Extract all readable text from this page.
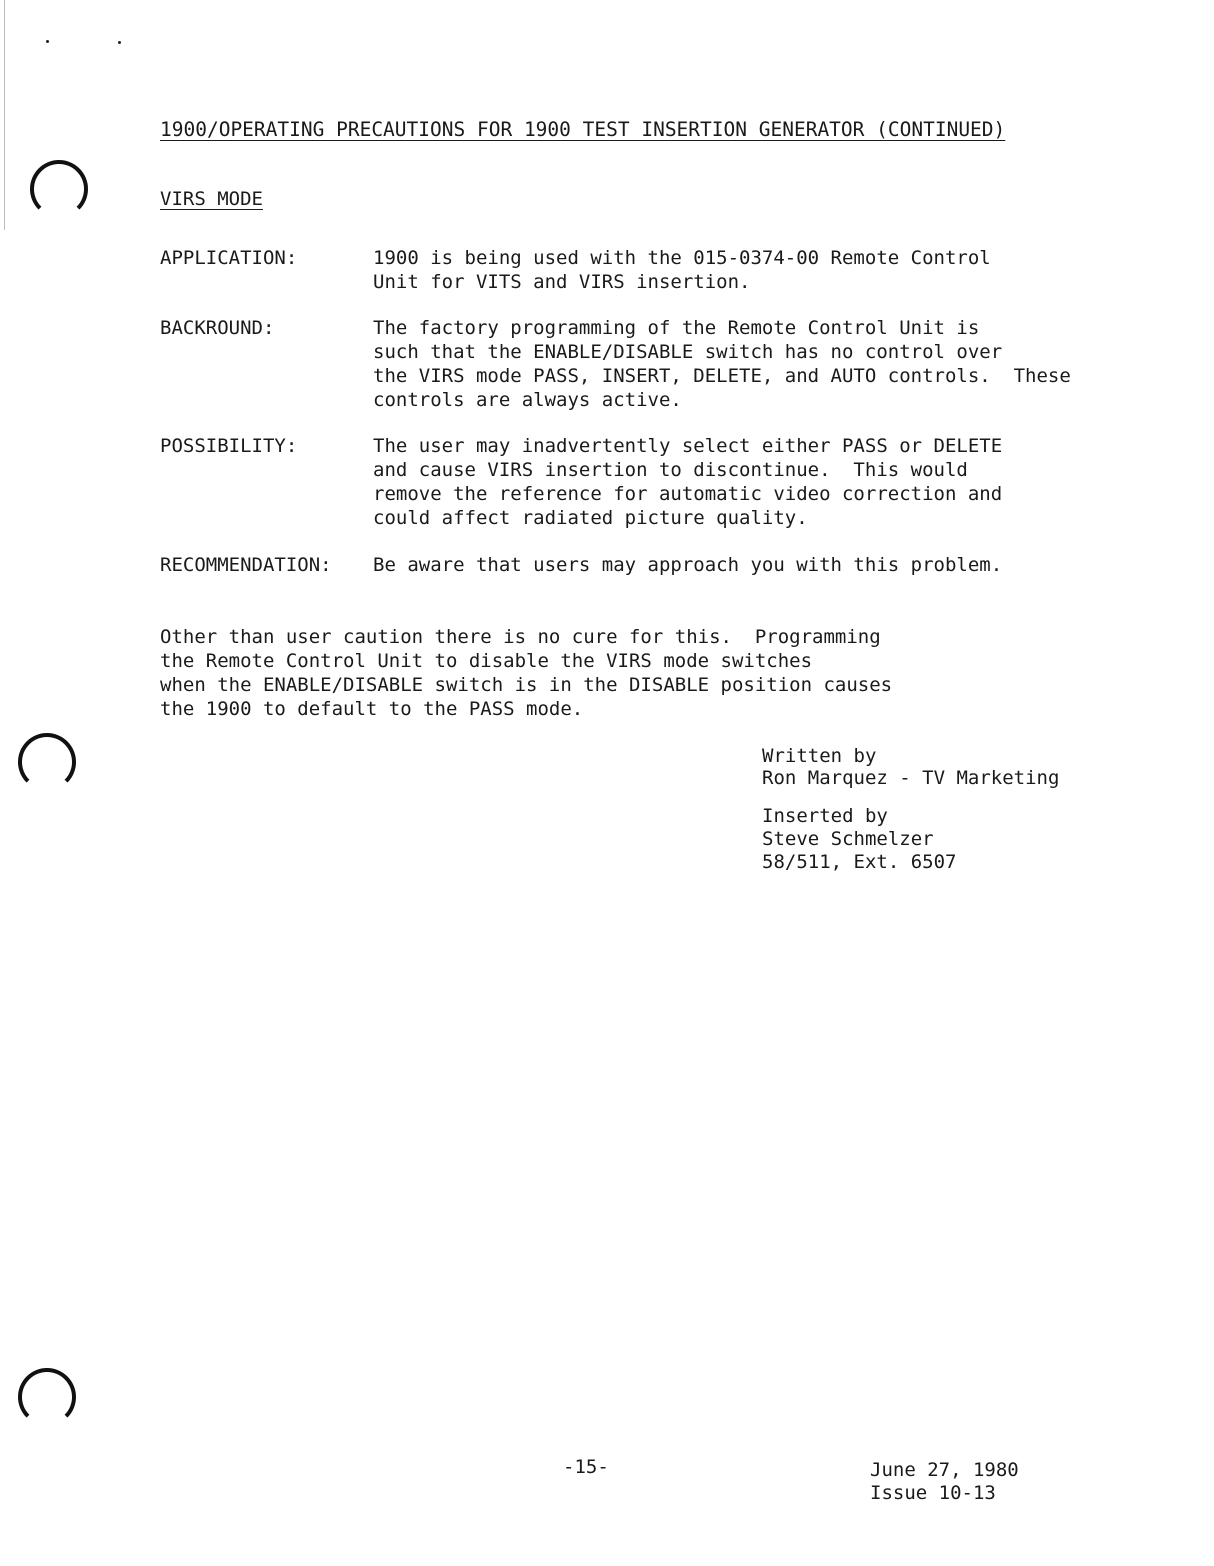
1900/OPERATING PRECAUTIONS FOR 1900 TEST INSERTION GENERATOR (CONTINUED)
VIRS MODE
APPLICATION:	1900 is being used with the 015-0374-00 Remote Control
Unit for VITS and VIRS insertion.
BACKROUND:	The factory programming of the Remote Control Unit is
such that the ENABLE/DISABLE switch has no control over
the VIRS mode PASS, INSERT, DELETE, and AUTO controls.  These
controls are always active.
POSSIBILITY:	The user may inadvertently select either PASS or DELETE
and cause VIRS insertion to discontinue.  This would
remove the reference for automatic video correction and
could affect radiated picture quality.
RECOMMENDATION: Be aware that users may approach you with this problem.
Other than user caution there is no cure for this.  Programming
the Remote Control Unit to disable the VIRS mode switches
when the ENABLE/DISABLE switch is in the DISABLE position causes
the 1900 to default to the PASS mode.
Written by
Ron Marquez - TV Marketing
Inserted by
Steve Schmelzer
58/511, Ext. 6507
-15-	June 27, 1980
Issue 10-13
